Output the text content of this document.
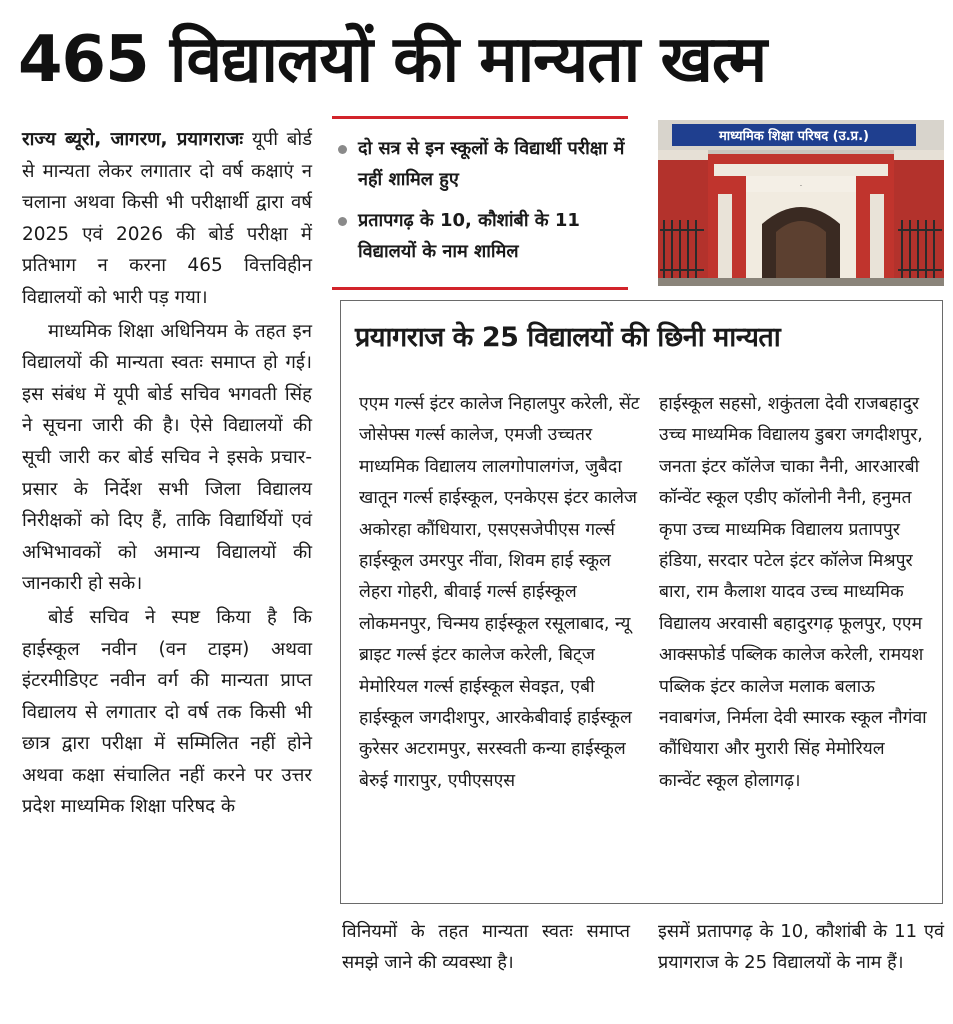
465 विद्यालयों की मान्यता खत्म

राज्य ब्यूरो, जागरण, प्रयागराजः यूपी बोर्ड से मान्यता लेकर लगातार दो वर्ष कक्षाएं न चलाना अथवा किसी भी परीक्षार्थी द्वारा वर्ष 2025 एवं 2026 की बोर्ड परीक्षा में प्रतिभाग न करना 465 वित्तविहीन विद्यालयों को भारी पड़ गया।

माध्यमिक शिक्षा अधिनियम के तहत इन विद्यालयों की मान्यता स्वतः समाप्त हो गई। इस संबंध में यूपी बोर्ड सचिव भगवती सिंह ने सूचना जारी की है। ऐसे विद्यालयों की सूची जारी कर बोर्ड सचिव ने इसके प्रचार-प्रसार के निर्देश सभी जिला विद्यालय निरीक्षकों को दिए हैं, ताकि विद्यार्थियों एवं अभिभावकों को अमान्य विद्यालयों की जानकारी हो सके।

बोर्ड सचिव ने स्पष्ट किया है कि हाईस्कूल नवीन (वन टाइम) अथवा इंटरमीडिएट नवीन वर्ग की मान्यता प्राप्त विद्यालय से लगातार दो वर्ष तक किसी भी छात्र द्वारा परीक्षा में सम्मिलित नहीं होने अथवा कक्षा संचालित नहीं करने पर उत्तर प्रदेश माध्यमिक शिक्षा परिषद के

दो सत्र से इन स्कूलों के विद्यार्थी परीक्षा में नहीं शामिल हुए
प्रतापगढ़ के 10, कौशांबी के 11 विद्यालयों के नाम शामिल
माध्यमिक शिक्षा परिषद (उ.प्र.)
·
प्रयागराज के 25 विद्यालयों की छिनी मान्यता
एएम गर्ल्स इंटर कालेज निहालपुर करेली, सेंट जोसेफ्स गर्ल्स कालेज, एमजी उच्चतर माध्यमिक विद्यालय लालगोपालगंज, जुबैदा खातून गर्ल्स हाईस्कूल, एनकेएस इंटर कालेज अकोरहा कौंधियारा, एसएसजेपीएस गर्ल्स हाईस्कूल उमरपुर नींवा, शिवम हाई स्कूल लेहरा गोहरी, बीवाई गर्ल्स हाईस्कूल लोकमनपुर, चिन्मय हाईस्कूल रसूलाबाद, न्यू ब्राइट गर्ल्स इंटर कालेज करेली, बिट्ज मेमोरियल गर्ल्स हाईस्कूल सेवइत, एबी हाईस्कूल जगदीशपुर, आरकेबीवाई हाईस्कूल कुरेसर अटरामपुर, सरस्वती कन्या हाईस्कूल बेरुई गारापुर, एपीएसएस
हाईस्कूल सहसो, शकुंतला देवी राजबहादुर उच्च माध्यमिक विद्यालय डुबरा जगदीशपुर, जनता इंटर कॉलेज चाका नैनी, आरआरबी कॉन्वेंट स्कूल एडीए कॉलोनी नैनी, हनुमत कृपा उच्च माध्यमिक विद्यालय प्रतापपुर हंडिया, सरदार पटेल इंटर कॉलेज मिश्रपुर बारा, राम कैलाश यादव उच्च माध्यमिक विद्यालय अरवासी बहादुरगढ़ फूलपुर, एएम आक्सफोर्ड पब्लिक कालेज करेली, रामयश पब्लिक इंटर कालेज मलाक बलाऊ नवाबगंज, निर्मला देवी स्मारक स्कूल नौगंवा कौंधियारा और मुरारी सिंह मेमोरियल कान्वेंट स्कूल होलागढ़।
विनियमों के तहत मान्यता स्वतः समाप्त समझे जाने की व्यवस्था है।
इसमें प्रतापगढ़ के 10, कौशांबी के 11 एवं प्रयागराज के 25 विद्यालयों के नाम हैं।
